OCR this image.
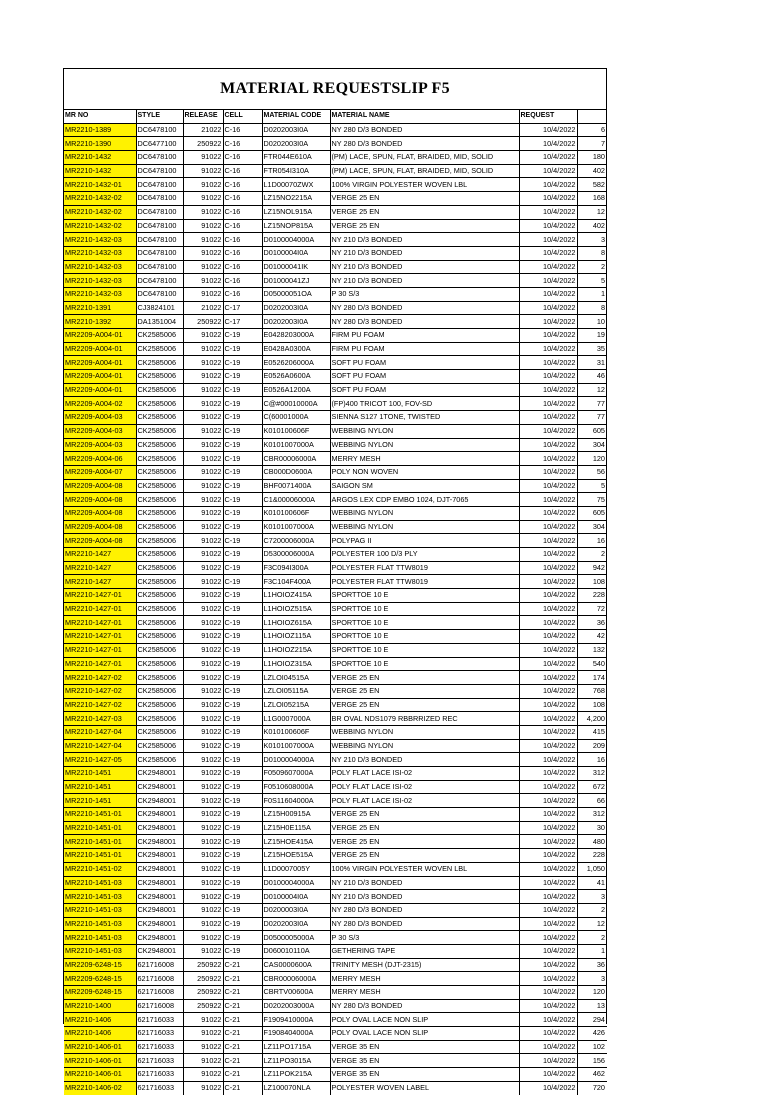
MATERIAL REQUESTSLIP F5
MR NO	STYLE	RELEASE	CELL	MATERIAL CODE	MATERIAL NAME	REQUEST	
MR2210-1389	DC6478100	21022	C-16	D0202003I0A	NY 280 D/3 BONDED	10/4/2022	6
MR2210-1390	DC6477100	250922	C-16	D0202003I0A	NY 280 D/3 BONDED	10/4/2022	7
MR2210-1432	DC6478100	91022	C-16	FTR044E610A	(PM) LACE, SPUN, FLAT, BRAIDED, MID, SOLID	10/4/2022	180
MR2210-1432	DC6478100	91022	C-16	FTR054I310A	(PM) LACE, SPUN, FLAT, BRAIDED, MID, SOLID	10/4/2022	402
MR2210-1432-01	DC6478100	91022	C-16	L1D00070ZWX	100% VIRGIN POLYESTER WOVEN LBL	10/4/2022	582
MR2210-1432-02	DC6478100	91022	C-16	LZ15NO2215A	VERGE 25 EN	10/4/2022	168
MR2210-1432-02	DC6478100	91022	C-16	LZ15NOL915A	VERGE 25 EN	10/4/2022	12
MR2210-1432-02	DC6478100	91022	C-16	LZ15NOP815A	VERGE 25 EN	10/4/2022	402
MR2210-1432-03	DC6478100	91022	C-16	D0100004000A	NY 210 D/3 BONDED	10/4/2022	3
MR2210-1432-03	DC6478100	91022	C-16	D0100004I0A	NY 210 D/3 BONDED	10/4/2022	8
MR2210-1432-03	DC6478100	91022	C-16	D01000041IK	NY 210 D/3 BONDED	10/4/2022	2
MR2210-1432-03	DC6478100	91022	C-16	D01000041ZJ	NY 210 D/3 BONDED	10/4/2022	5
MR2210-1432-03	DC6478100	91022	C-16	D05000051OA	P 30 S/3	10/4/2022	1
MR2210-1391	CJ3824101	21022	C-17	D0202003I0A	NY 280 D/3 BONDED	10/4/2022	8
MR2210-1392	DA1351004	250922	C-17	D0202003I0A	NY 280 D/3 BONDED	10/4/2022	10
MR2209-A004-01	CK2585006	91022	C-19	E0428203000A	FIRM PU FOAM	10/4/2022	19
MR2209-A004-01	CK2585006	91022	C-19	E0428A0300A	FIRM PU FOAM	10/4/2022	35
MR2209-A004-01	CK2585006	91022	C-19	E0526206000A	SOFT PU FOAM	10/4/2022	31
MR2209-A004-01	CK2585006	91022	C-19	E0526A0600A	SOFT PU FOAM	10/4/2022	46
MR2209-A004-01	CK2585006	91022	C-19	E0526A1200A	SOFT PU FOAM	10/4/2022	12
MR2209-A004-02	CK2585006	91022	C-19	C@#00010000A	(FP)400 TRICOT 100, FOV-SD	10/4/2022	77
MR2209-A004-03	CK2585006	91022	C-19	C(60001000A	SIENNA S127 1TONE, TWISTED	10/4/2022	77
MR2209-A004-03	CK2585006	91022	C-19	K010100606F	WEBBING NYLON	10/4/2022	605
MR2209-A004-03	CK2585006	91022	C-19	K0101007000A	WEBBING NYLON	10/4/2022	304
MR2209-A004-06	CK2585006	91022	C-19	CBR00006000A	MERRY MESH	10/4/2022	120
MR2209-A004-07	CK2585006	91022	C-19	CB000D0600A	POLY NON WOVEN	10/4/2022	56
MR2209-A004-08	CK2585006	91022	C-19	BHF0071400A	SAIGON SM	10/4/2022	5
MR2209-A004-08	CK2585006	91022	C-19	C1&00006000A	ARGOS LEX CDP EMBO 1024, DJT-7065	10/4/2022	75
MR2209-A004-08	CK2585006	91022	C-19	K010100606F	WEBBING NYLON	10/4/2022	605
MR2209-A004-08	CK2585006	91022	C-19	K0101007000A	WEBBING NYLON	10/4/2022	304
MR2209-A004-08	CK2585006	91022	C-19	C7200006000A	POLYPAG II	10/4/2022	16
MR2210-1427	CK2585006	91022	C-19	D5300006000A	POLYESTER 100 D/3 PLY	10/4/2022	2
MR2210-1427	CK2585006	91022	C-19	F3C094I300A	POLYESTER FLAT TTW8019	10/4/2022	942
MR2210-1427	CK2585006	91022	C-19	F3C104F400A	POLYESTER FLAT TTW8019	10/4/2022	108
MR2210-1427-01	CK2585006	91022	C-19	L1HOIOZ415A	SPORTTOE 10 E	10/4/2022	228
MR2210-1427-01	CK2585006	91022	C-19	L1HOIOZ515A	SPORTTOE 10 E	10/4/2022	72
MR2210-1427-01	CK2585006	91022	C-19	L1HOIOZ615A	SPORTTOE 10 E	10/4/2022	36
MR2210-1427-01	CK2585006	91022	C-19	L1HOIOZ115A	SPORTTOE 10 E	10/4/2022	42
MR2210-1427-01	CK2585006	91022	C-19	L1HOIOZ215A	SPORTTOE 10 E	10/4/2022	132
MR2210-1427-01	CK2585006	91022	C-19	L1HOIOZ315A	SPORTTOE 10 E	10/4/2022	540
MR2210-1427-02	CK2585006	91022	C-19	LZLOI04515A	VERGE 25 EN	10/4/2022	174
MR2210-1427-02	CK2585006	91022	C-19	LZLOI05115A	VERGE 25 EN	10/4/2022	768
MR2210-1427-02	CK2585006	91022	C-19	LZLOI05215A	VERGE 25 EN	10/4/2022	108
MR2210-1427-03	CK2585006	91022	C-19	L1G0007000A	BR OVAL NDS1079 RBBRRIZED REC	10/4/2022	4,200
MR2210-1427-04	CK2585006	91022	C-19	K010100606F	WEBBING NYLON	10/4/2022	415
MR2210-1427-04	CK2585006	91022	C-19	K0101007000A	WEBBING NYLON	10/4/2022	209
MR2210-1427-05	CK2585006	91022	C-19	D0100004000A	NY 210 D/3 BONDED	10/4/2022	16
MR2210-1451	CK2948001	91022	C-19	F0509607000A	POLY FLAT LACE ISI-02	10/4/2022	312
MR2210-1451	CK2948001	91022	C-19	F0510608000A	POLY FLAT LACE ISI-02	10/4/2022	672
MR2210-1451	CK2948001	91022	C-19	F0S11604000A	POLY FLAT LACE ISI-02	10/4/2022	66
MR2210-1451-01	CK2948001	91022	C-19	LZ15H00915A	VERGE 25 EN	10/4/2022	312
MR2210-1451-01	CK2948001	91022	C-19	LZ15H0E115A	VERGE 25 EN	10/4/2022	30
MR2210-1451-01	CK2948001	91022	C-19	LZ15HOE415A	VERGE 25 EN	10/4/2022	480
MR2210-1451-01	CK2948001	91022	C-19	LZ15HOE515A	VERGE 25 EN	10/4/2022	228
MR2210-1451-02	CK2948001	91022	C-19	L1D0007005Y	100% VIRGIN POLYESTER WOVEN LBL	10/4/2022	1,050
MR2210-1451-03	CK2948001	91022	C-19	D0100004000A	NY 210 D/3 BONDED	10/4/2022	41
MR2210-1451-03	CK2948001	91022	C-19	D0100004I0A	NY 210 D/3 BONDED	10/4/2022	3
MR2210-1451-03	CK2948001	91022	C-19	D0200003I0A	NY 280 D/3 BONDED	10/4/2022	2
MR2210-1451-03	CK2948001	91022	C-19	D0202003I0A	NY 280 D/3 BONDED	10/4/2022	12
MR2210-1451-03	CK2948001	91022	C-19	D0500005000A	P 30 S/3	10/4/2022	2
MR2210-1451-03	CK2948001	91022	C-19	D060010110A	GETHERING TAPE	10/4/2022	1
MR2209-6248-15	621716008	250922	C-21	CAS0000600A	TRINITY MESH (DJT-2315)	10/4/2022	36
MR2209-6248-15	621716008	250922	C-21	CBR00006000A	MERRY MESH	10/4/2022	3
MR2209-6248-15	621716008	250922	C-21	CBRTV00600A	MERRY MESH	10/4/2022	120
MR2210-1400	621716008	250922	C-21	D0202003000A	NY 280 D/3 BONDED	10/4/2022	13
MR2210-1406	621716033	91022	C-21	F1909410000A	POLY OVAL LACE NON SLIP	10/4/2022	294
MR2210-1406	621716033	91022	C-21	F1908404000A	POLY OVAL LACE NON SLIP	10/4/2022	426
MR2210-1406-01	621716033	91022	C-21	LZ11PO1715A	VERGE 35 EN	10/4/2022	102
MR2210-1406-01	621716033	91022	C-21	LZ11PO3015A	VERGE 35 EN	10/4/2022	156
MR2210-1406-01	621716033	91022	C-21	LZ11POK215A	VERGE 35 EN	10/4/2022	462
MR2210-1406-02	621716033	91022	C-21	LZ100070NLA	POLYESTER WOVEN LABEL	10/4/2022	720
